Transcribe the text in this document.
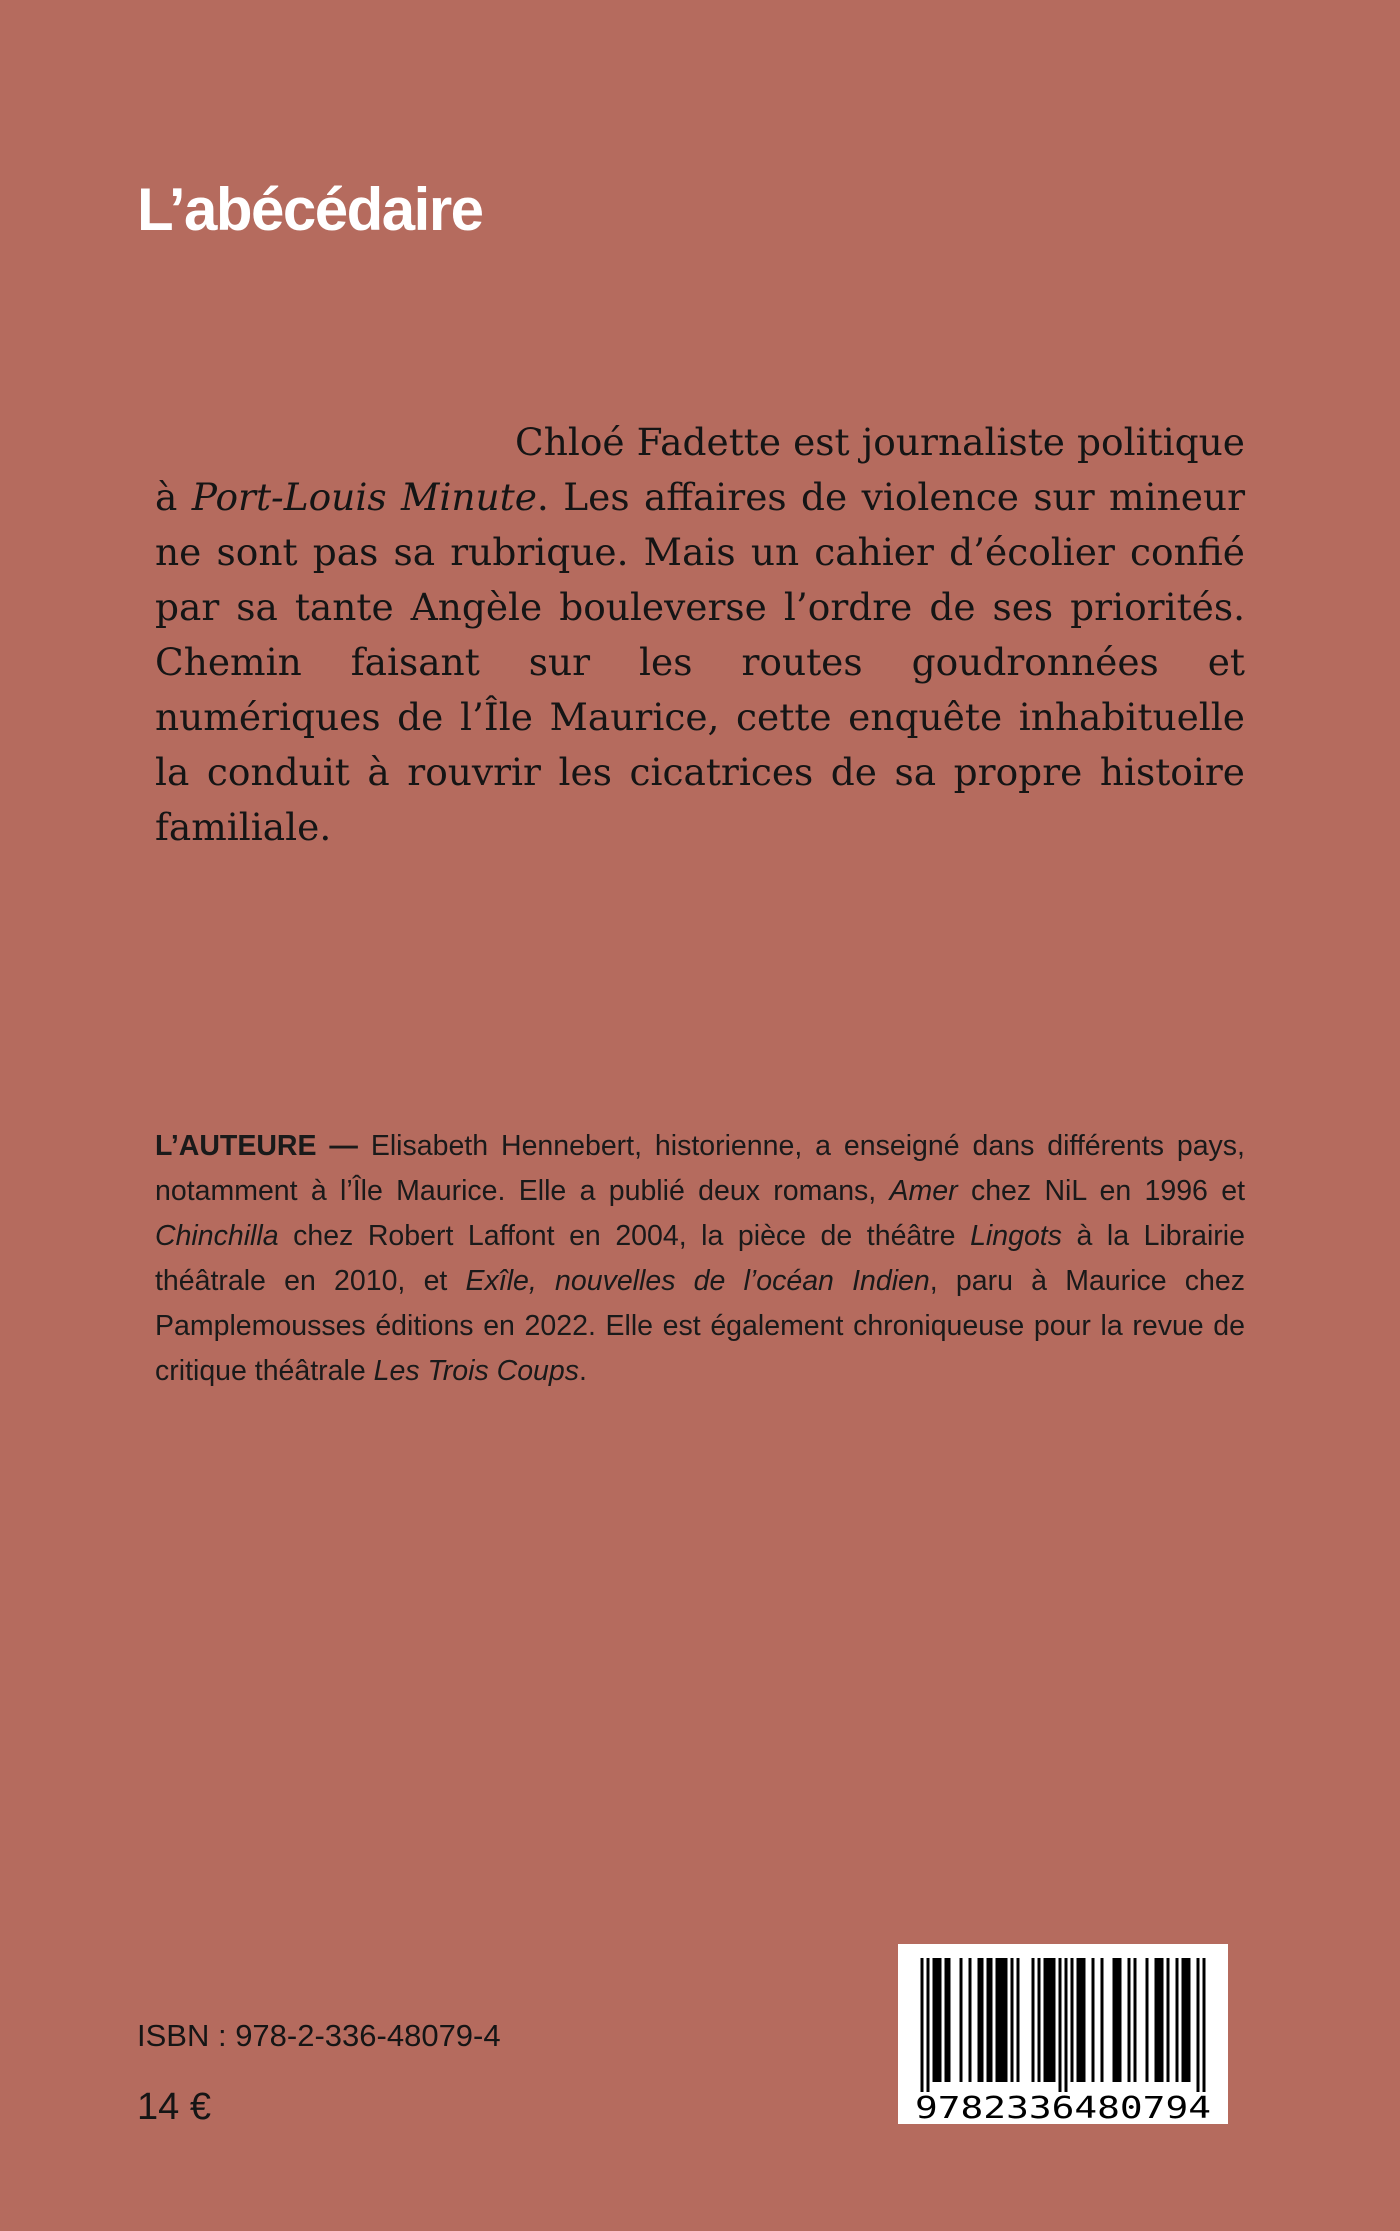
L’abécédaire

Chloé Fadette est journaliste politique à Port-Louis Minute. Les affaires de violence sur mineur ne sont pas sa rubrique. Mais un cahier d’écolier confié par sa tante Angèle bouleverse l’ordre de ses priorités. Chemin faisant sur les routes goudronnées et numériques de l’Île Maurice, cette enquête inhabituelle la conduit à rouvrir les cicatrices de sa propre histoire familiale.

L’AUTEURE — Elisabeth Hennebert, historienne, a enseigné dans différents pays, notamment à l’Île Maurice. Elle a publié deux romans, Amer chez NiL en 1996 et Chinchilla chez Robert Laffont en 2004, la pièce de théâtre Lingots à la Librairie théâtrale en 2010, et Exîle, nouvelles de l’océan Indien, paru à Maurice chez Pamplemousses éditions en 2022. Elle est également chroniqueuse pour la revue de critique théâtrale Les Trois Coups.

ISBN : 978-2-336-48079-4
14 €	9782336480794
